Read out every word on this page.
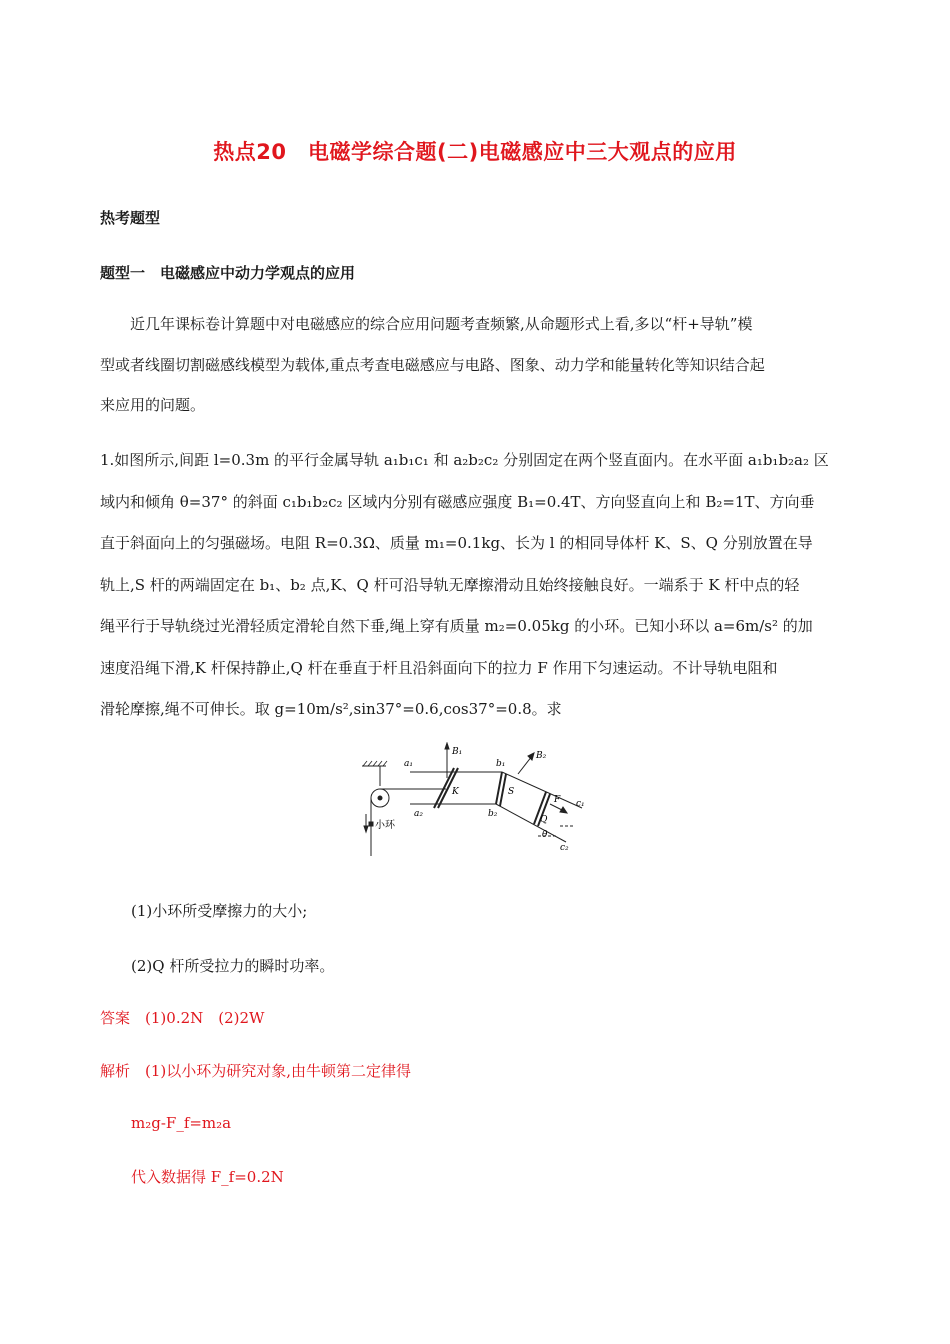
热点20　电磁学综合题(二)电磁感应中三大观点的应用
热考题型
题型一　电磁感应中动力学观点的应用
近几年课标卷计算题中对电磁感应的综合应用问题考查频繁,从命题形式上看,多以“杆+导轨”模
型或者线圈切割磁感线模型为载体,重点考查电磁感应与电路、图象、动力学和能量转化等知识结合起
来应用的问题。
1.如图所示,间距 l=0.3m 的平行金属导轨 a₁b₁c₁ 和 a₂b₂c₂ 分别固定在两个竖直面内。在水平面 a₁b₁b₂a₂ 区
域内和倾角 θ=37° 的斜面 c₁b₁b₂c₂ 区域内分别有磁感应强度 B₁=0.4T、方向竖直向上和 B₂=1T、方向垂
直于斜面向上的匀强磁场。电阻 R=0.3Ω、质量 m₁=0.1kg、长为 l 的相同导体杆 K、S、Q 分别放置在导
轨上,S 杆的两端固定在 b₁、b₂ 点,K、Q 杆可沿导轨无摩擦滑动且始终接触良好。一端系于 K 杆中点的轻
绳平行于导轨绕过光滑轻质定滑轮自然下垂,绳上穿有质量 m₂=0.05kg 的小环。已知小环以 a=6m/s² 的加
速度沿绳下滑,K 杆保持静止,Q 杆在垂直于杆且沿斜面向下的拉力 F 作用下匀速运动。不计导轨电阻和
滑轮摩擦,绳不可伸长。取 g=10m/s²,sin37°=0.6,cos37°=0.8。求
a₁
a₂
b₁
b₂
c₁
c₂
B₁	B₂
K	S
Q
F
θ
小环
(1)小环所受摩擦力的大小;
(2)Q 杆所受拉力的瞬时功率。
答案　 (1)0.2N　(2)2W
解析　 (1)以小环为研究对象,由牛顿第二定律得
m₂g-F_f=m₂a
代入数据得 F_f=0.2N
